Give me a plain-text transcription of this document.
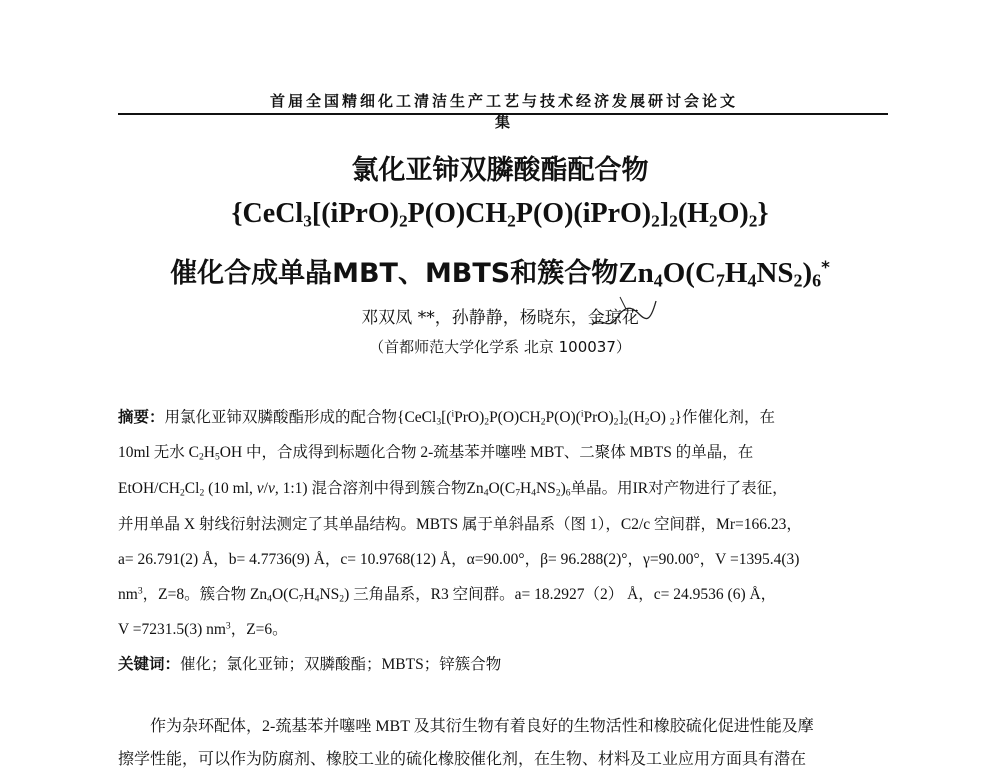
首届全国精细化工清洁生产工艺与技术经济发展研讨会论文集
氯化亚铈双膦酸酯配合物
$\{CeCl_3[(iPrO)_2P(O)CH_2P(O)(iPrO)_2]_2(H_2O)_2\}$
催化合成单晶MBT、MBTS和簇合物$Zn_4O(C_7H_4NS_2)_6^*$
邓双凤 **，孙静静，杨晓东，金琼花
（首都师范大学化学系 北京 100037）
摘要：用氯化亚铈双膦酸酯形成的配合物{$CeCl_3[(^iPrO)_2P(O)CH_2P(O)(^iPrO)_2]_2(H_2O)$ $_2$}作催化剂，在
10ml 无水 $C_2H_5OH$ 中，合成得到标题化合物 2-巯基苯并噻唑 MBT、二聚体 MBTS 的单晶，在
EtOH/$CH_2Cl_2$ (10 ml, v/v, 1:1) 混合溶剂中得到簇合物$Zn_4O(C_7H_4NS_2)_6$单晶。用IR对产物进行了表征，
并用单晶 X 射线衍射法测定了其单晶结构。MBTS 属于单斜晶系（图 1），C2/c 空间群，Mr=166.23，
a= 26.791(2) Å，b= 4.7736(9) Å，c= 10.9768(12) Å，α=90.00°，β= 96.288(2)°，γ=90.00°，V =1395.4(3)
$nm^3$，Z=8。簇合物 $Zn_4O(C_7H_4NS_2)$ 三角晶系，R3 空间群。a= 18.2927（2） Å，c= 24.9536 (6) Å，
V =7231.5(3) $nm^3$，Z=6。
关键词：催化；氯化亚铈；双膦酸酯；MBTS；锌簇合物
作为杂环配体，2-巯基苯并噻唑 MBT 及其衍生物有着良好的生物活性和橡胶硫化促进性能及摩
擦学性能，可以作为防腐剂、橡胶工业的硫化橡胶催化剂，在生物、材料及工业应用方面具有潜在
